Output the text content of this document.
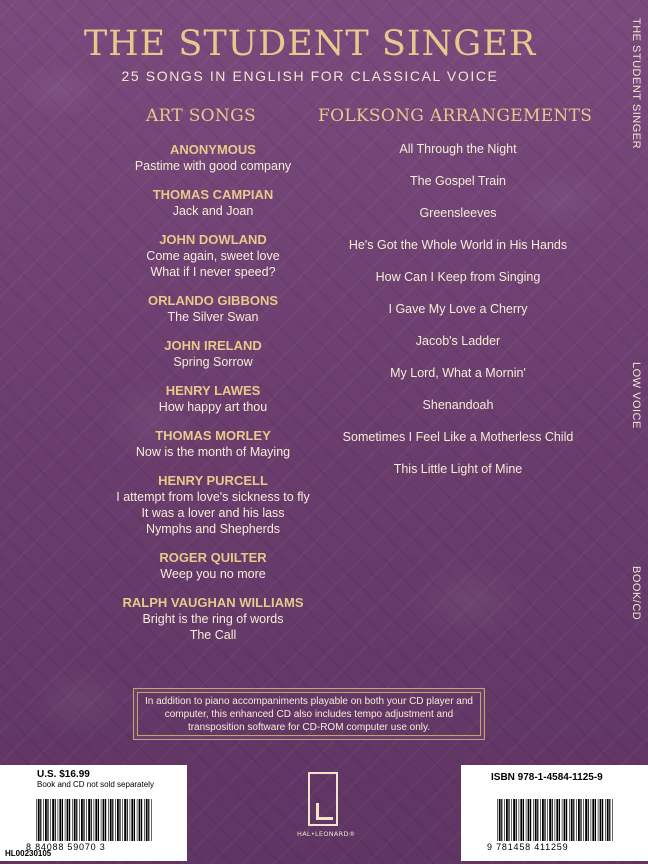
THE STUDENT SINGER
25 SONGS IN ENGLISH FOR CLASSICAL VOICE	THE STUDENT SINGER
LOW VOICE
BOOK/CD
ART SONGS	FOLKSONG ARRANGEMENTS
ANONYMOUS
Pastime with good company
THOMAS CAMPIAN
Jack and Joan
JOHN DOWLAND
Come again, sweet love
What if I never speed?
ORLANDO GIBBONS
The Silver Swan
JOHN IRELAND
Spring Sorrow
HENRY LAWES
How happy art thou
THOMAS MORLEY
Now is the month of Maying
HENRY PURCELL
I attempt from love's sickness to fly
It was a lover and his lass
Nymphs and Shepherds
ROGER QUILTER
Weep you no more
RALPH VAUGHAN WILLIAMS
Bright is the ring of words
The Call
All Through the Night
The Gospel Train
Greensleeves
He's Got the Whole World in His Hands
How Can I Keep from Singing
I Gave My Love a Cherry
Jacob's Ladder
My Lord, What a Mornin'
Shenandoah
Sometimes I Feel Like a Motherless Child
This Little Light of Mine
In addition to piano accompaniments playable on both your CD player and computer, this enhanced CD also includes tempo adjustment and transposition software for CD-ROM computer use only.
U.S. $16.99
Book and CD not sold separately
8 84088 59070 3
HL00230105
HAL•LEONARD®
ISBN 978-1-4584-1125-9
9 781458 411259
